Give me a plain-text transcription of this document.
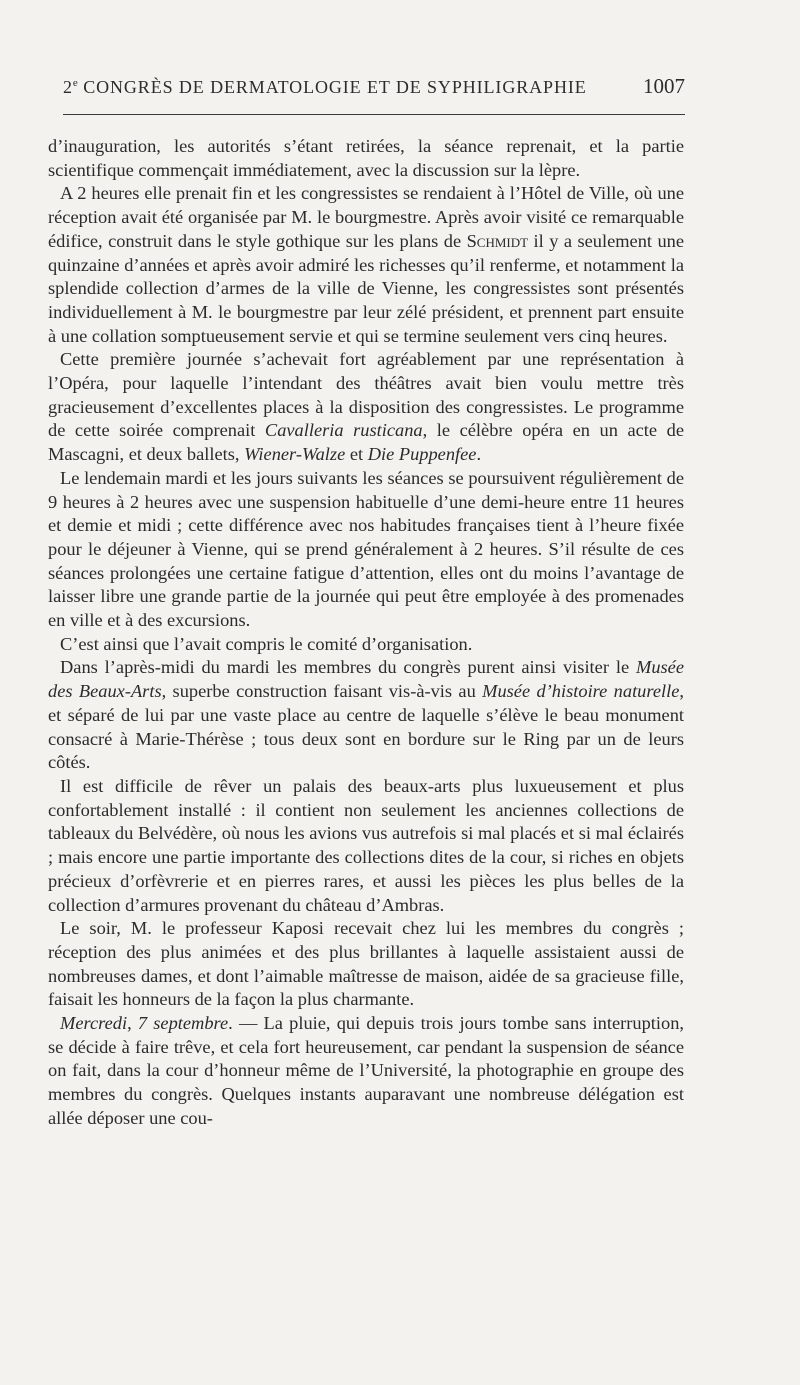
2e CONGRÈS DE DERMATOLOGIE ET DE SYPHILIGRAPHIE	1007

d’inauguration, les autorités s’étant retirées, la séance reprenait, et la partie scientifique commençait immédiatement, avec la discussion sur la lèpre.

A 2 heures elle prenait fin et les congressistes se rendaient à l’Hôtel de Ville, où une réception avait été organisée par M. le bourgmestre. Après avoir visité ce remarquable édifice, construit dans le style gothique sur les plans de Schmidt il y a seulement une quinzaine d’années et après avoir admiré les richesses qu’il renferme, et notamment la splendide collection d’armes de la ville de Vienne, les congressistes sont présentés individuellement à M. le bourgmestre par leur zélé président, et prennent part ensuite à une collation somptueusement servie et qui se termine seulement vers cinq heures.

Cette première journée s’achevait fort agréablement par une représentation à l’Opéra, pour laquelle l’intendant des théâtres avait bien voulu mettre très gracieusement d’excellentes places à la disposition des congressistes. Le programme de cette soirée comprenait Cavalleria rusticana, le célèbre opéra en un acte de Mascagni, et deux ballets, Wiener-Walze et Die Puppenfee.

Le lendemain mardi et les jours suivants les séances se poursuivent régulièrement de 9 heures à 2 heures avec une suspension habituelle d’une demi-heure entre 11 heures et demie et midi ; cette différence avec nos habitudes françaises tient à l’heure fixée pour le déjeuner à Vienne, qui se prend généralement à 2 heures. S’il résulte de ces séances prolongées une certaine fatigue d’attention, elles ont du moins l’avantage de laisser libre une grande partie de la journée qui peut être employée à des promenades en ville et à des excursions.

C’est ainsi que l’avait compris le comité d’organisation.

Dans l’après-midi du mardi les membres du congrès purent ainsi visiter le Musée des Beaux-Arts, superbe construction faisant vis-à-vis au Musée d’histoire naturelle, et séparé de lui par une vaste place au centre de laquelle s’élève le beau monument consacré à Marie-Thérèse ; tous deux sont en bordure sur le Ring par un de leurs côtés.

Il est difficile de rêver un palais des beaux-arts plus luxueusement et plus confortablement installé : il contient non seulement les anciennes collections de tableaux du Belvédère, où nous les avions vus autrefois si mal placés et si mal éclairés ; mais encore une partie importante des collections dites de la cour, si riches en objets précieux d’orfèvrerie et en pierres rares, et aussi les pièces les plus belles de la collection d’armures provenant du château d’Ambras.

Le soir, M. le professeur Kaposi recevait chez lui les membres du congrès ; réception des plus animées et des plus brillantes à laquelle assistaient aussi de nombreuses dames, et dont l’aimable maîtresse de maison, aidée de sa gracieuse fille, faisait les honneurs de la façon la plus charmante.

Mercredi, 7 septembre. — La pluie, qui depuis trois jours tombe sans interruption, se décide à faire trêve, et cela fort heureusement, car pendant la suspension de séance on fait, dans la cour d’honneur même de l’Université, la photographie en groupe des membres du congrès. Quelques instants auparavant une nombreuse délégation est allée déposer une cou-
